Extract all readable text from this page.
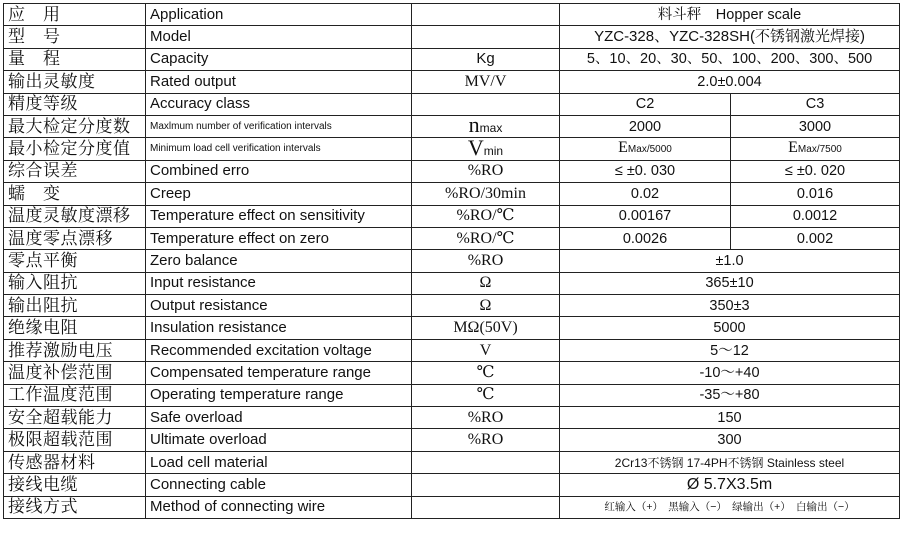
应　用	Application		料斗秤　Hopper scale	
型　号	Model		YZC-328、YZC-328SH(不锈钢激光焊接)	
量　程	Capacity	Kg	5、10、20、30、50、100、200、300、500	
输出灵敏度	Rated output	MV/V	2.0±0.004	
精度等级	Accuracy class		C2	C3
最大检定分度数	Maxlmum number of verification intervals	nmax	2000	3000
最小检定分度值	Minimum load cell verification intervals	Vmin	EMax/5000	EMax/7500
综合误差	Combined erro	%RO	≤ ±0. 030	≤ ±0. 020
蠕　变	Creep	%RO/30min	0.02	0.016
温度灵敏度漂移	Temperature effect on sensitivity	%RO/℃	0.00167	0.0012
温度零点漂移	Temperature effect on zero	%RO/℃	0.0026	0.002
零点平衡	Zero balance	%RO	±1.0	
输入阻抗	Input resistance	Ω	365±10	
输出阻抗	Output resistance	Ω	350±3	
绝缘电阻	Insulation resistance	MΩ(50V)	5000	
推荐激励电压	Recommended excitation voltage	V	5～12	
温度补偿范围	Compensated temperature range	℃	-10～+40	
工作温度范围	Operating temperature range	℃	-35～+80	
安全超载能力	Safe overload	%RO	150	
极限超载范围	Ultimate overload	%RO	300	
传感器材料	Load cell material		2Cr13不锈钢 17-4PH不锈钢 Stainless steel	
接线电缆	Connecting cable		Ø 5.7X3.5m	
接线方式	Method of connecting wire		红输入（+）　黑输入（−）　绿输出（+）　白输出（−）	
